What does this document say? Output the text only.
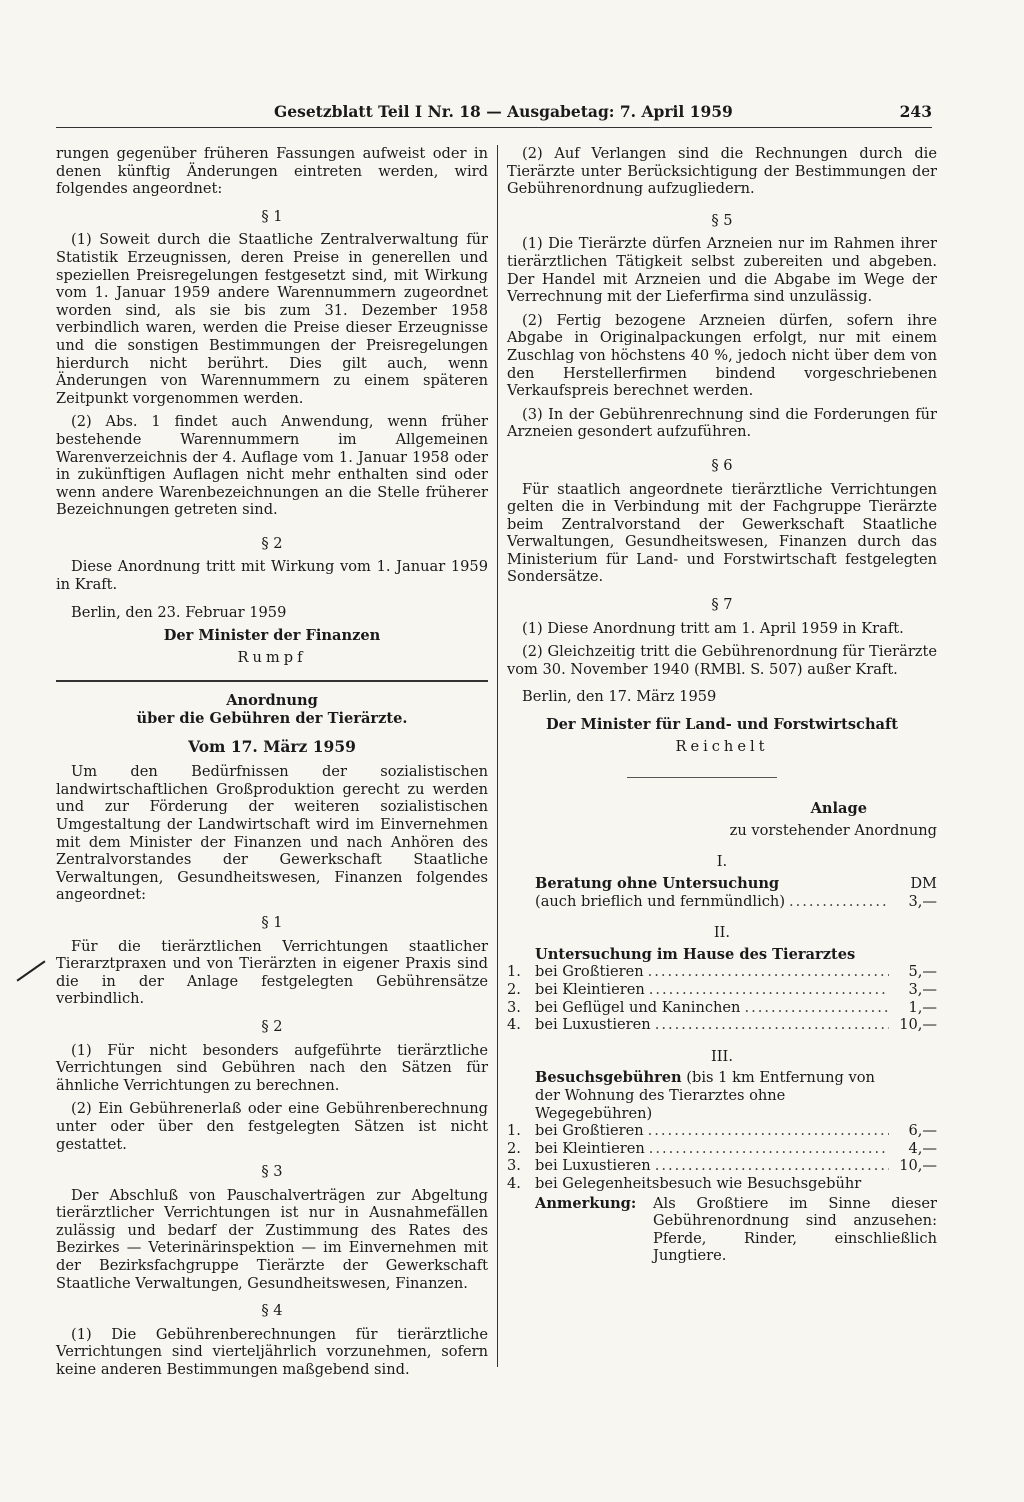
Gesetzblatt Teil I Nr. 18 — Ausgabetag: 7. April 1959	243

rungen gegenüber früheren Fassungen aufweist oder in denen künftig Änderungen eintreten werden, wird folgendes angeordnet:

§ 1

(1) Soweit durch die Staatliche Zentralverwaltung für Statistik Erzeugnissen, deren Preise in generellen und speziellen Preisregelungen festgesetzt sind, mit Wirkung vom 1. Januar 1959 andere Warennummern zugeordnet worden sind, als sie bis zum 31. Dezember 1958 verbindlich waren, werden die Preise dieser Erzeugnisse und die sonstigen Bestimmungen der Preisregelungen hierdurch nicht berührt. Dies gilt auch, wenn Änderungen von Warennummern zu einem späteren Zeitpunkt vorgenommen werden.

(2) Abs. 1 findet auch Anwendung, wenn früher bestehende Warennummern im Allgemeinen Warenverzeichnis der 4. Auflage vom 1. Januar 1958 oder in zukünftigen Auflagen nicht mehr enthalten sind oder wenn andere Warenbezeichnungen an die Stelle früherer Bezeichnungen getreten sind.

§ 2

Diese Anordnung tritt mit Wirkung vom 1. Januar 1959 in Kraft.

Berlin, den 23. Februar 1959

Der Minister der Finanzen
Rumpf
Anordnung
über die Gebühren der Tierärzte.
Vom 17. März 1959

Um den Bedürfnissen der sozialistischen landwirtschaftlichen Großproduktion gerecht zu werden und zur Förderung der weiteren sozialistischen Umgestaltung der Landwirtschaft wird im Einvernehmen mit dem Minister der Finanzen und nach Anhören des Zentralvorstandes der Gewerkschaft Staatliche Verwaltungen, Gesundheitswesen, Finanzen folgendes angeordnet:

§ 1

Für die tierärztlichen Verrichtungen staatlicher Tierarztpraxen und von Tierärzten in eigener Praxis sind die in der Anlage festgelegten Gebührensätze verbindlich.

§ 2

(1) Für nicht besonders aufgeführte tierärztliche Verrichtungen sind Gebühren nach den Sätzen für ähnliche Verrichtungen zu berechnen.

(2) Ein Gebührenerlaß oder eine Gebührenberechnung unter oder über den festgelegten Sätzen ist nicht gestattet.

§ 3

Der Abschluß von Pauschalverträgen zur Abgeltung tierärztlicher Verrichtungen ist nur in Ausnahmefällen zulässig und bedarf der Zustimmung des Rates des Bezirkes — Veterinärinspektion — im Einvernehmen mit der Bezirksfachgruppe Tierärzte der Gewerkschaft Staatliche Verwaltungen, Gesundheitswesen, Finanzen.

§ 4

(1) Die Gebührenberechnungen für tierärztliche Verrichtungen sind vierteljährlich vorzunehmen, sofern keine anderen Bestimmungen maßgebend sind.

(2) Auf Verlangen sind die Rechnungen durch die Tierärzte unter Berücksichtigung der Bestimmungen der Gebührenordnung aufzugliedern.

§ 5

(1) Die Tierärzte dürfen Arzneien nur im Rahmen ihrer tierärztlichen Tätigkeit selbst zubereiten und abgeben. Der Handel mit Arzneien und die Abgabe im Wege der Verrechnung mit der Lieferfirma sind unzulässig.

(2) Fertig bezogene Arzneien dürfen, sofern ihre Abgabe in Originalpackungen erfolgt, nur mit einem Zuschlag von höchstens 40 %, jedoch nicht über dem von den Herstellerfirmen bindend vorgeschriebenen Verkaufspreis berechnet werden.

(3) In der Gebührenrechnung sind die Forderungen für Arzneien gesondert aufzuführen.

§ 6

Für staatlich angeordnete tierärztliche Verrichtungen gelten die in Verbindung mit der Fachgruppe Tierärzte beim Zentralvorstand der Gewerkschaft Staatliche Verwaltungen, Gesundheitswesen, Finanzen durch das Ministerium für Land- und Forstwirtschaft festgelegten Sondersätze.

§ 7

(1) Diese Anordnung tritt am 1. April 1959 in Kraft.

(2) Gleichzeitig tritt die Gebührenordnung für Tierärzte vom 30. November 1940 (RMBl. S. 507) außer Kraft.

Berlin, den 17. März 1959

Der Minister für Land- und Forstwirtschaft
Reichelt
Anlage
zu vorstehender Anordnung
I.
Beratung ohne Untersuchung	DM
(auch brieflich und fernmündlich) .....	3,—
II.
Untersuchung im Hause des Tierarztes
1. bei Großtieren .....	5,—
2. bei Kleintieren .....	3,—
3. bei Geflügel und Kaninchen .....	1,—
4. bei Luxustieren .....	10,—
III.
Besuchsgebühren (bis 1 km Entfernung von der Wohnung des Tierarztes ohne Wegegebühren)
1. bei Großtieren .....	6,—
2. bei Kleintieren .....	4,—
3. bei Luxustieren .....	10,—
4. bei Gelegenheitsbesuch wie Besuchsgebühr
Anmerkung:	Als Großtiere im Sinne dieser Gebührenordnung sind anzusehen: Pferde, Rinder, einschließlich Jungtiere.
